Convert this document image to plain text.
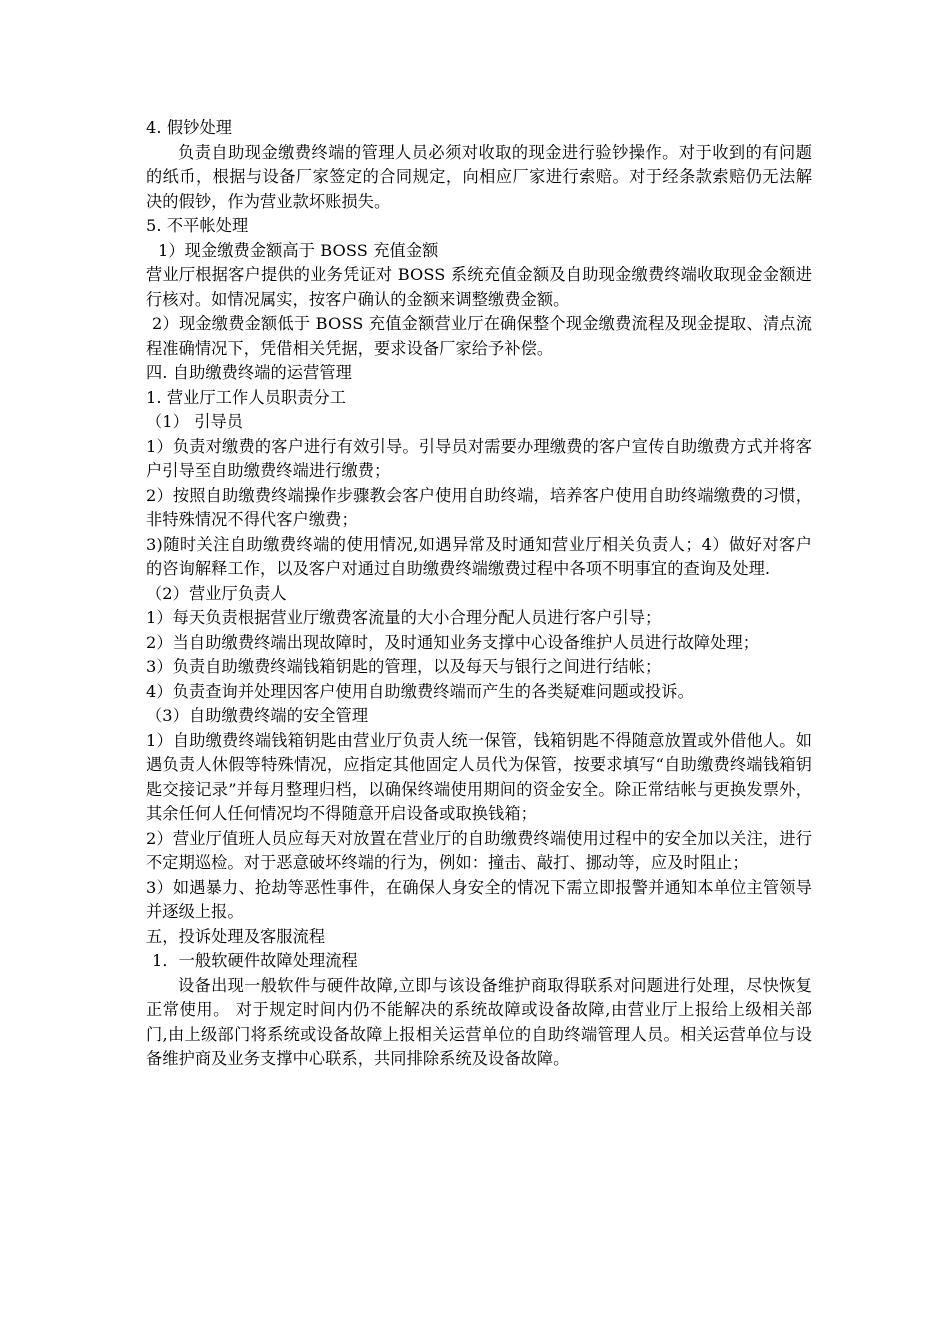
4. 假钞处理

负责自助现金缴费终端的管理人员必须对收取的现金进行验钞操作。对于收到的有问题的纸币，根据与设备厂家签定的合同规定，向相应厂家进行索赔。对于经条款索赔仍无法解决的假钞，作为营业款坏账损失。

5. 不平帐处理

1）现金缴费金额高于 BOSS 充值金额

营业厅根据客户提供的业务凭证对 BOSS 系统充值金额及自助现金缴费终端收取现金金额进行核对。如情况属实，按客户确认的金额来调整缴费金额。

2）现金缴费金额低于 BOSS 充值金额营业厅在确保整个现金缴费流程及现金提取、清点流程准确情况下，凭借相关凭据，要求设备厂家给予补偿。

四. 自助缴费终端的运营管理

1. 营业厅工作人员职责分工

（1） 引导员

1）负责对缴费的客户进行有效引导。引导员对需要办理缴费的客户宣传自助缴费方式并将客户引导至自助缴费终端进行缴费；

2）按照自助缴费终端操作步骤教会客户使用自助终端，培养客户使用自助终端缴费的习惯，非特殊情况不得代客户缴费；

3)随时关注自助缴费终端的使用情况,如遇异常及时通知营业厅相关负责人；4）做好对客户的咨询解释工作，以及客户对通过自助缴费终端缴费过程中各项不明事宜的查询及处理.

（2）营业厅负责人

1）每天负责根据营业厅缴费客流量的大小合理分配人员进行客户引导；

2）当自助缴费终端出现故障时，及时通知业务支撑中心设备维护人员进行故障处理；

3）负责自助缴费终端钱箱钥匙的管理，以及每天与银行之间进行结帐；

4）负责查询并处理因客户使用自助缴费终端而产生的各类疑难问题或投诉。

（3）自助缴费终端的安全管理

1）自助缴费终端钱箱钥匙由营业厅负责人统一保管，钱箱钥匙不得随意放置或外借他人。如遇负责人休假等特殊情况，应指定其他固定人员代为保管，按要求填写“自助缴费终端钱箱钥匙交接记录”并每月整理归档，以确保终端使用期间的资金安全。除正常结帐与更换发票外，其余任何人任何情况均不得随意开启设备或取换钱箱；

2）营业厅值班人员应每天对放置在营业厅的自助缴费终端使用过程中的安全加以关注，进行不定期巡检。对于恶意破坏终端的行为，例如：撞击、敲打、挪动等，应及时阻止；

3）如遇暴力、抢劫等恶性事件，在确保人身安全的情况下需立即报警并通知本单位主管领导并逐级上报。

五，投诉处理及客服流程

1．一般软硬件故障处理流程

设备出现一般软件与硬件故障,立即与该设备维护商取得联系对问题进行处理，尽快恢复正常使用。 对于规定时间内仍不能解决的系统故障或设备故障,由营业厅上报给上级相关部门,由上级部门将系统或设备故障上报相关运营单位的自助终端管理人员。相关运营单位与设备维护商及业务支撑中心联系，共同排除系统及设备故障。
